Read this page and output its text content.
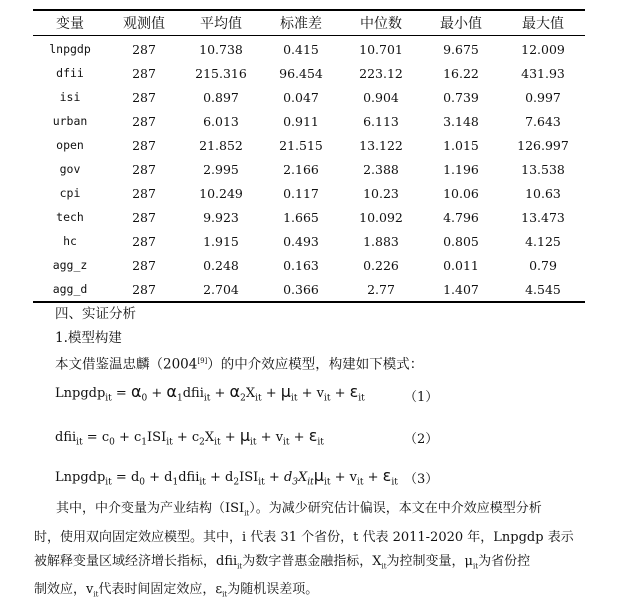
变量	观测值	平均值	标准差	中位数	最小值	最大值
lnpgdp	287	10.738	0.415	10.701	9.675	12.009
dfii	287	215.316	96.454	223.12	16.22	431.93
isi	287	0.897	0.047	0.904	0.739	0.997
urban	287	6.013	0.911	6.113	3.148	7.643
open	287	21.852	21.515	13.122	1.015	126.997
gov	287	2.995	2.166	2.388	1.196	13.538
cpi	287	10.249	0.117	10.23	10.06	10.63
tech	287	9.923	1.665	10.092	4.796	13.473
hc	287	1.915	0.493	1.883	0.805	4.125
agg_z	287	0.248	0.163	0.226	0.011	0.79
agg_d	287	2.704	0.366	2.77	1.407	4.545
四、实证分析
1.模型构建
本文借鉴温忠麟（2004[9]）的中介效应模型，构建如下模式：
Lnpgdp$_{it}$ = $\alpha_0$ + $\alpha_1dfii_{it} + \alpha_2X_{it} + \mu_{it} + v_{it} + \varepsilon_{it}$	（1）
dfii$_{it}$ = $c_0 + c_1ISI_{it} + c_2X_{it} + \mu_{it} + v_{it} + \varepsilon_{it}$	（2）
Lnpgdp$_{it}$ = $d_0$ + $d_1dfii_{it} + d_2ISI_{it} + d_3X_{it}\mu_{it} + v_{it} + \varepsilon_{it}$ （3）
其中，中介变量为产业结构$(ISI_{it})$。为减少研究估计偏误，本文在中介效应模型分析
时，使用双向固定效应模型。其中，i 代表 31 个省份，t 代表 2011-2020 年，Lnpgdp 表示
被解释变量区域经济增长指标，dfii$_{it}$为数字普惠金融指标，$X_{it}$为控制变量，$\mu_{it}$为省份控
制效应，$v_{it}$代表时间固定效应，$\varepsilon_{it}$为随机误差项。
